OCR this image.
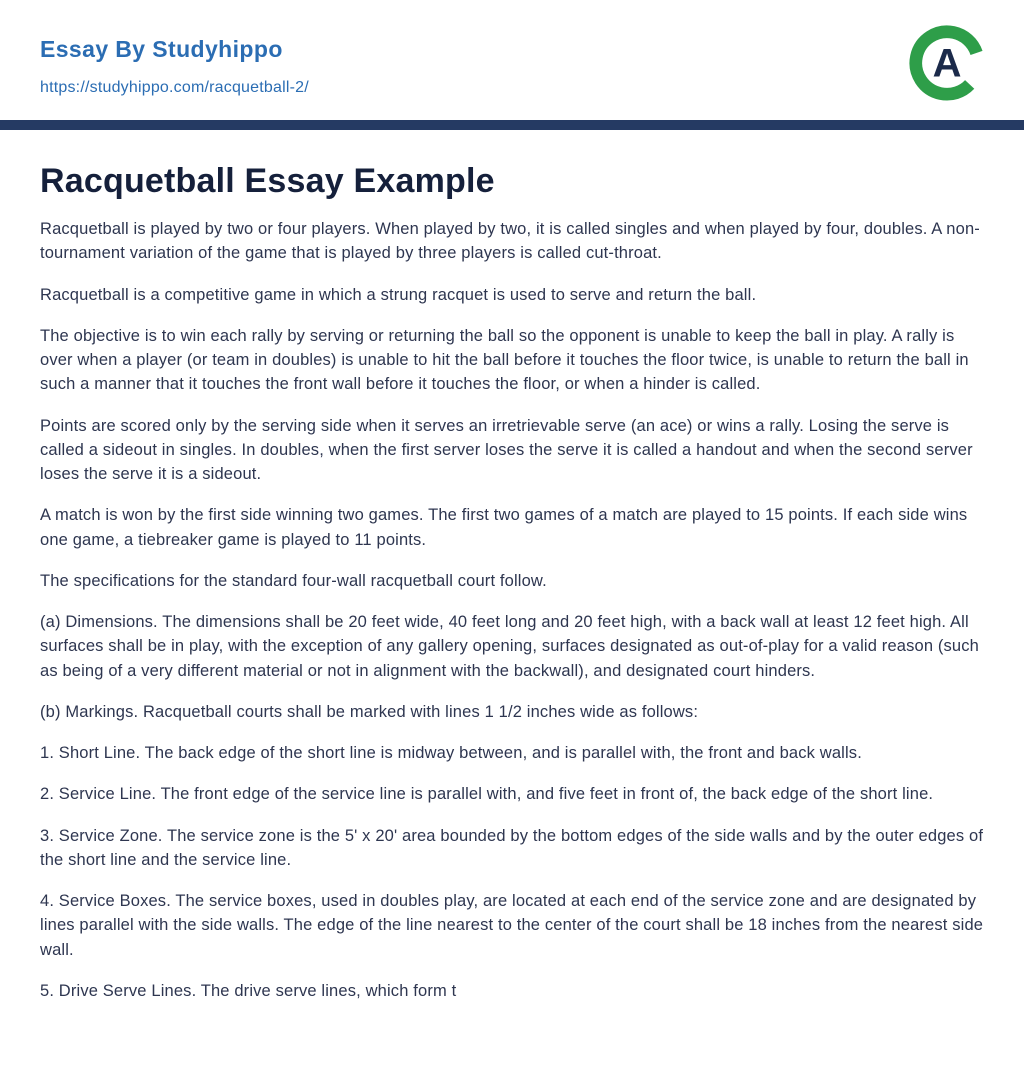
Essay By Studyhippo
https://studyhippo.com/racquetball-2/
A
Racquetball Essay Example

Racquetball is played by two or four players. When played by two, it is called singles and when played by four, doubles. A non-tournament variation of the game that is played by three players is called cut-throat.

Racquetball is a competitive game in which a strung racquet is used to serve and return the ball.

The objective is to win each rally by serving or returning the ball so the opponent is unable to keep the ball in play. A rally is over when a player (or team in doubles) is unable to hit the ball before it touches the floor twice, is unable to return the ball in such a manner that it touches the front wall before it touches the floor, or when a hinder is called.

Points are scored only by the serving side when it serves an irretrievable serve (an ace) or wins a rally. Losing the serve is called a sideout in singles. In doubles, when the first server loses the serve it is called a handout and when the second server loses the serve it is a sideout.

A match is won by the first side winning two games. The first two games of a match are played to 15 points. If each side wins one game, a tiebreaker game is played to 11 points.

The specifications for the standard four-wall racquetball court follow.

(a) Dimensions. The dimensions shall be 20 feet wide, 40 feet long and 20 feet high, with a back wall at least 12 feet high. All surfaces shall be in play, with the exception of any gallery opening, surfaces designated as out-of-play for a valid reason (such as being of a very different material or not in alignment with the backwall), and designated court hinders.

(b) Markings. Racquetball courts shall be marked with lines 1 1/2 inches wide as follows:

1. Short Line. The back edge of the short line is midway between, and is parallel with, the front and back walls.

2. Service Line. The front edge of the service line is parallel with, and five feet in front of, the back edge of the short line.

3. Service Zone. The service zone is the 5' x 20' area bounded by the bottom edges of the side walls and by the outer edges of the short line and the service line.

4. Service Boxes. The service boxes, used in doubles play, are located at each end of the service zone and are designated by lines parallel with the side walls. The edge of the line nearest to the center of the court shall be 18 inches from the nearest side wall.

5. Drive Serve Lines. The drive serve lines, which form t
